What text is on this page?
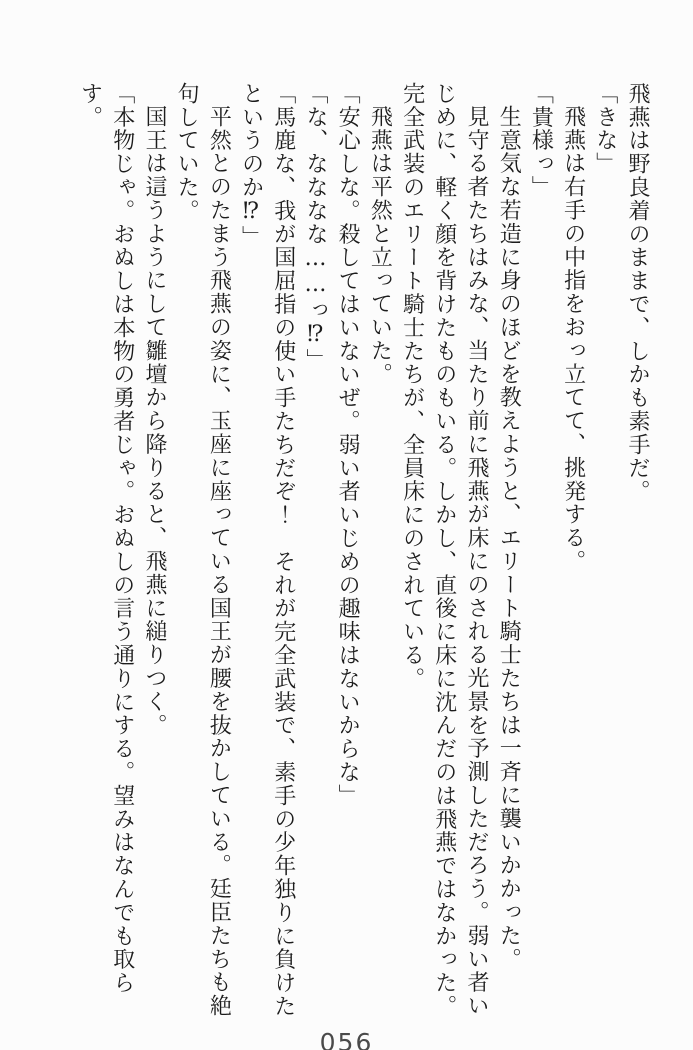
飛燕は野良着のままで、しかも素手だ。
「きな」
飛燕は右手の中指をおっ立てて、挑発する。
「貴様っ」
生意気な若造に身のほどを教えようと、エリート騎士たちは一斉に襲いかかった。
見守る者たちはみな、当たり前に飛燕が床にのされる光景を予測しただろう。弱い者い
じめに、軽く顔を背けたものもいる。しかし、直後に床に沈んだのは飛燕ではなかった。
完全武装のエリート騎士たちが、全員床にのされている。
飛燕は平然と立っていた。
「安心しな。殺してはいないぜ。弱い者いじめの趣味はないからな」
「な、なななな……っ⁉」
「馬鹿な、我が国屈指の使い手たちだぞ！　それが完全武装で、素手の少年独りに負けた
というのか⁉」
平然とのたまう飛燕の姿に、玉座に座っている国王が腰を抜かしている。廷臣たちも絶
句していた。
国王は這うようにして雛壇から降りると、飛燕に縋りつく。
「本物じゃ。おぬしは本物の勇者じゃ。おぬしの言う通りにする。望みはなんでも取らす。
056
